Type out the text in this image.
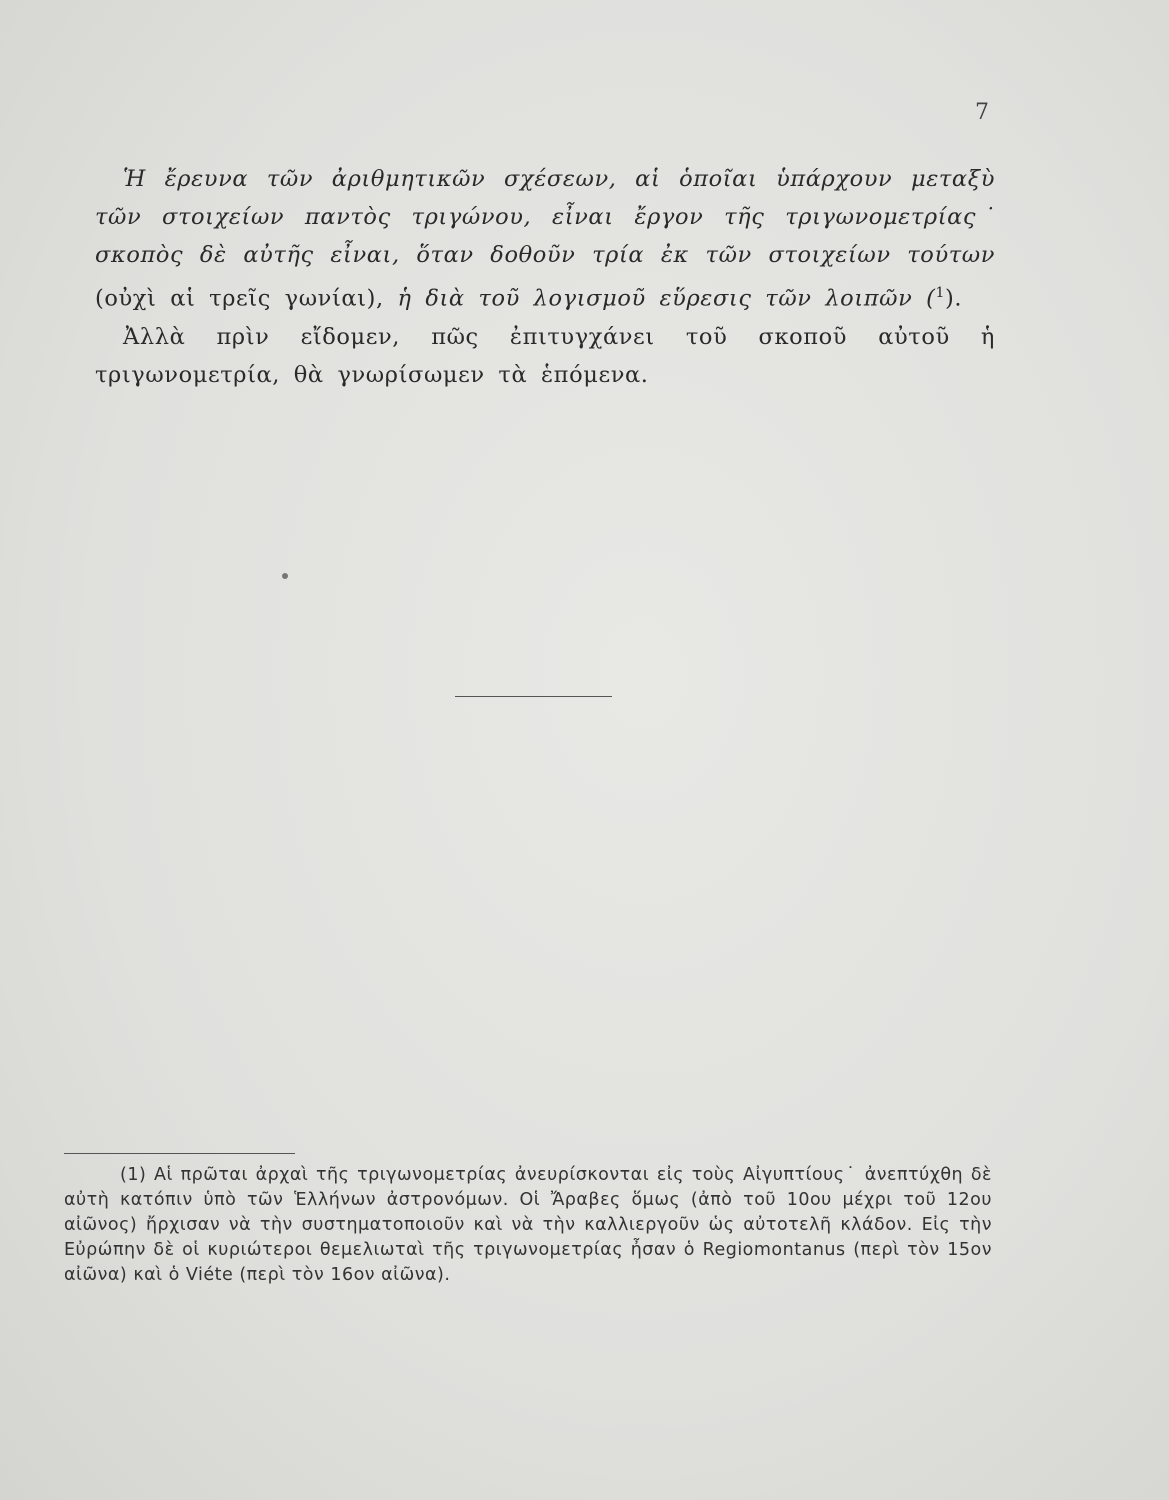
7

Ἡ ἔρευνα τῶν ἀριθμητικῶν σχέσεων, αἱ ὁποῖαι ὑπάρχουν μεταξὺ τῶν στοιχείων παντὸς τριγώνου, εἶναι ἔργον τῆς τριγωνομετρίας˙ σκοπὸς δὲ αὐτῆς εἶναι, ὅταν δοθοῦν τρία ἐκ τῶν στοιχείων τούτων (οὐχὶ αἱ τρεῖς γωνίαι), ἡ διὰ τοῦ λογισμοῦ εὕρεσις τῶν λοιπῶν ($^1$).

Ἀλλὰ πρὶν εἴδομεν, πῶς ἐπιτυγχάνει τοῦ σκοποῦ αὐτοῦ ἡ τριγωνομετρία, θὰ γνωρίσωμεν τὰ ἑπόμενα.

(1) Αἱ πρῶται ἀρχαὶ τῆς τριγωνομετρίας ἀνευρίσκονται εἰς τοὺς Αἰγυπτίους˙ ἀνεπτύχθη δὲ αὐτὴ κατόπιν ὑπὸ τῶν Ἑλλήνων ἀστρονόμων. Οἱ Ἄραβες ὅμως (ἀπὸ τοῦ 10ου μέχρι τοῦ 12ου αἰῶνος) ἤρχισαν νὰ τὴν συστηματοποιοῦν καὶ νὰ τὴν καλλιεργοῦν ὡς αὐτοτελῆ κλάδον. Εἰς τὴν Εὐρώπην δὲ οἱ κυριώτεροι θεμελιωταὶ τῆς τριγωνομετρίας ἦσαν ὁ Regiomontanus (περὶ τὸν 15ον αἰῶνα) καὶ ὁ Viéte (περὶ τὸν 16ον αἰῶνα).
